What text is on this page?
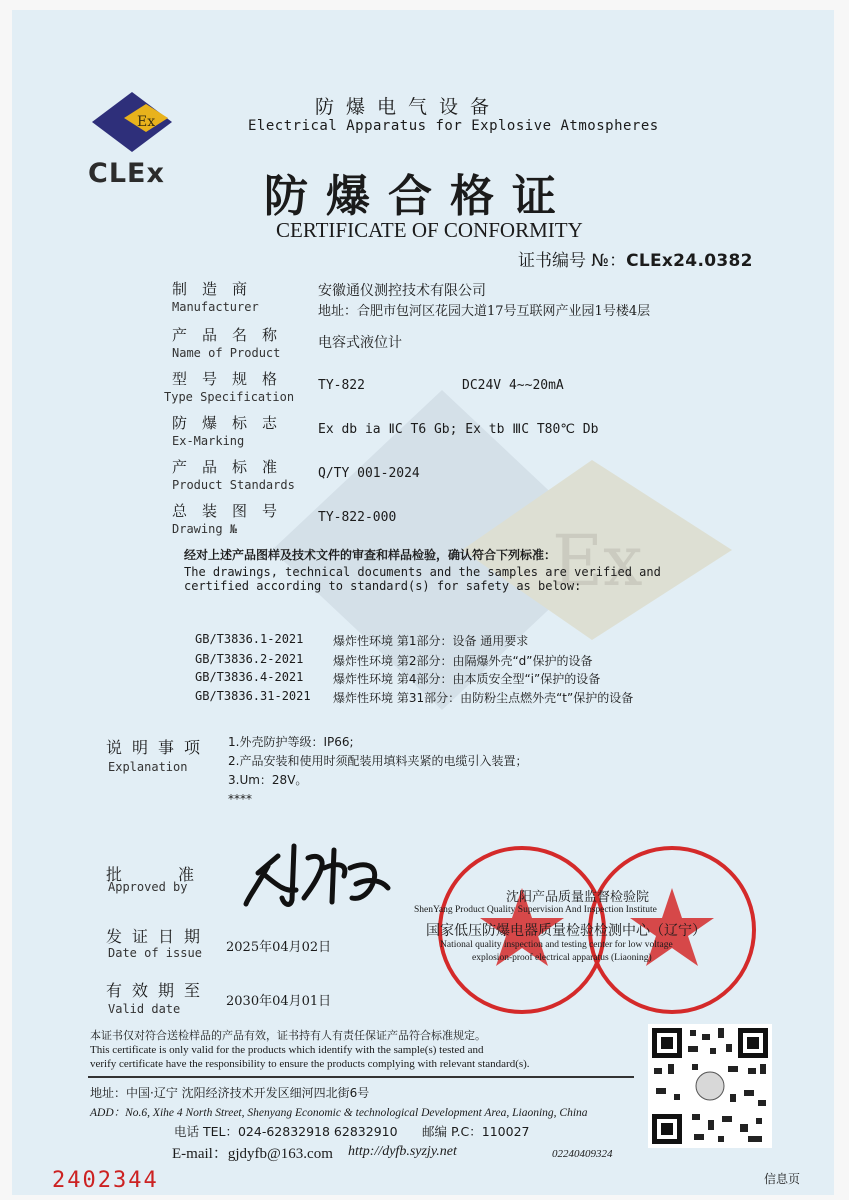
Ex
Ex
CLEx
防爆电气设备
Electrical Apparatus for Explosive Atmospheres
防爆合格证
CERTIFICATE OF CONFORMITY
证书编号 №：CLEx24.0382
制造商
Manufacturer
安徽通仪测控技术有限公司
地址：合肥市包河区花园大道17号互联网产业园1号楼4层
产品名称
Name of Product
电容式液位计
型号规格
Type Specification
TY-822	DC24V 4~~20mA
防爆标志
Ex-Marking
Ex db ia ⅡC T6 Gb; Ex tb ⅢC T80℃ Db
产品标准
Product Standards
Q/TY 001-2024
总装图号
Drawing №
TY-822-000
经对上述产品图样及技术文件的审查和样品检验，确认符合下列标准：
The drawings, technical documents and the samples are verified and certified according to standard(s) for safety as below:
GB/T3836.1-2021 爆炸性环境 第1部分：设备 通用要求
GB/T3836.2-2021 爆炸性环境 第2部分：由隔爆外壳“d”保护的设备
GB/T3836.4-2021 爆炸性环境 第4部分：由本质安全型“i”保护的设备
GB/T3836.31-2021 爆炸性环境 第31部分：由防粉尘点燃外壳“t”保护的设备
说明事项
Explanation
1.外壳防护等级：IP66;
2.产品安装和使用时须配装用填料夹紧的电缆引入装置；
3.Um：28V。
****
批准
Approved by
发证日期
Date of issue 2025年04月02日
有效期至
Valid date	2030年04月01日
沈阳产品质量监督检验院
ShenYang Product Quality Supervision And Inspection Institute
国家低压防爆电器质量检验检测中心（辽宁）
National quality inspection and testing center for low voltage
explosion-proof electrical apparatus (Liaoning)
本证书仅对符合送检样品的产品有效，证书持有人有责任保证产品符合标准规定。
This certificate is only valid for the products which identify with the sample(s) tested and
verify certificate have the responsibility to ensure the products complying with relevant standard(s).
地址：中国·辽宁 沈阳经济技术开发区细河四北街6号
ADD：No.6, Xihe 4 North Street, Shenyang Economic & technological Development Area, Liaoning, China
电话 TEL：024-62832918 62832910 邮编 P.C：110027
E-mail：gjdyfb@163.com http://dyfb.syzjy.net	02240409324
2402344	信息页
